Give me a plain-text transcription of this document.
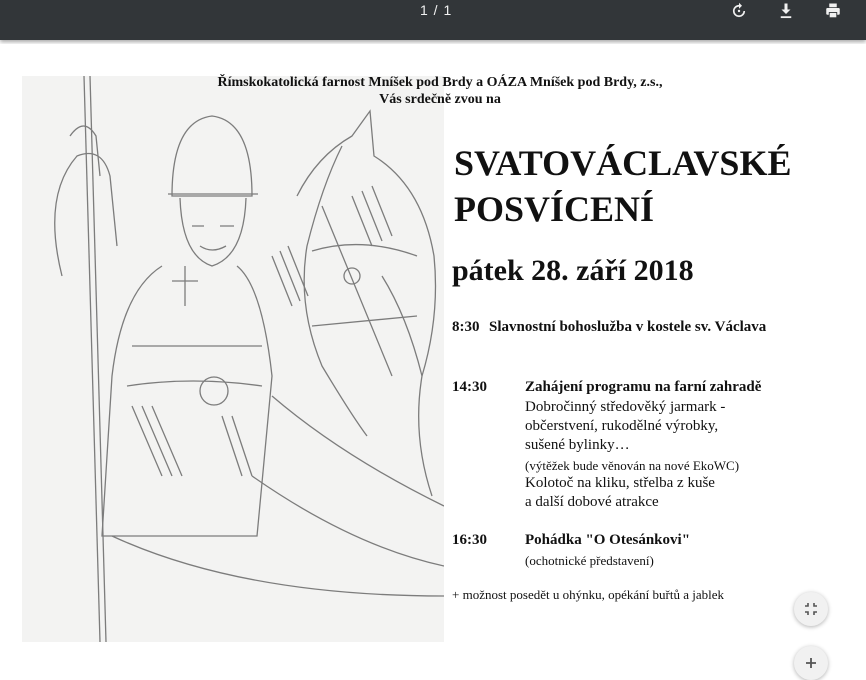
1 / 1
Římskokatolická farnost Mníšek pod Brdy a OÁZA Mníšek pod Brdy, z.s.,
Vás srdečně zvou na
SVATOVÁCLAVSKÉ
POSVÍCENÍ
pátek 28. září 2018
8:30 Slavnostní bohoslužba v kostele sv. Václava
14:30	Zahájení programu na farní zahradě
Dobročinný středověký jarmark -
občerstvení, rukodělné výrobky,
sušené bylinky…
(výtěžek bude věnován na nové EkoWC)
Kolotoč na kliku, střelba z kuše
a další dobové atrakce
16:30	Pohádka "O Otesánkovi"
(ochotnické představení)
+ možnost posedět u ohýnku, opékání buřtů a jablek
